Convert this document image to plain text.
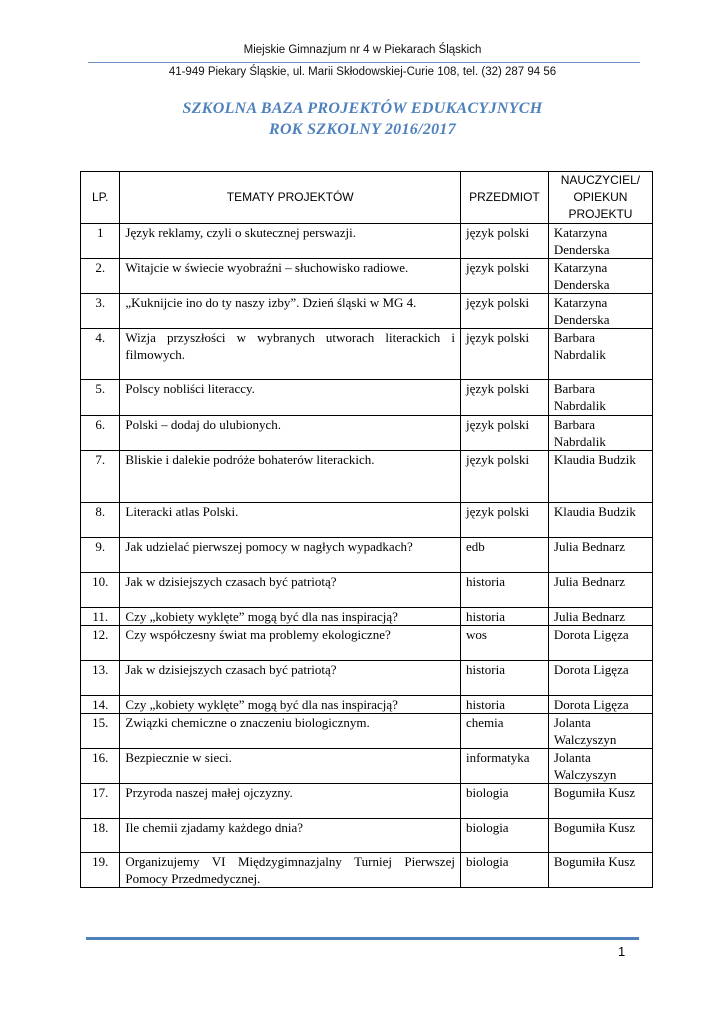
Miejskie Gimnazjum nr 4 w Piekarach Śląskich
41-949 Piekary Śląskie, ul. Marii Skłodowskiej-Curie 108, tel. (32) 287 94 56
SZKOLNA BAZA PROJEKTÓW EDUKACYJNYCH
ROK SZKOLNY 2016/2017
LP.	TEMATY PROJEKTÓW	PRZEDMIOT	NAUCZYCIEL/ OPIEKUN PROJEKTU
1	Język reklamy, czyli o skutecznej perswazji.	język polski	Katarzyna Denderska
2.	Witajcie w świecie wyobraźni – słuchowisko radiowe.	język polski	Katarzyna Denderska
3.	„Kuknijcie ino do ty naszy izby”. Dzień śląski w MG 4.	język polski	Katarzyna Denderska
4.	Wizja przyszłości w wybranych utworach literackich i filmowych.	język polski	Barbara Nabrdalik
5.	Polscy nobliści literaccy.	język polski	Barbara Nabrdalik
6.	Polski – dodaj do ulubionych.	język polski	Barbara Nabrdalik
7.	Bliskie i dalekie podróże bohaterów literackich.	język polski	Klaudia Budzik
8.	Literacki atlas Polski.	język polski	Klaudia Budzik
9.	Jak udzielać pierwszej pomocy w nagłych wypadkach?	edb	Julia Bednarz
10.	Jak w dzisiejszych czasach być patriotą?	historia	Julia Bednarz
11.	Czy „kobiety wyklęte” mogą być dla nas inspiracją?	historia	Julia Bednarz
12.	Czy współczesny świat ma problemy ekologiczne?	wos	Dorota Ligęza
13.	Jak w dzisiejszych czasach być patriotą?	historia	Dorota Ligęza
14.	Czy „kobiety wyklęte” mogą być dla nas inspiracją?	historia	Dorota Ligęza
15.	Związki chemiczne o znaczeniu biologicznym.	chemia	Jolanta Walczyszyn
16.	Bezpiecznie w sieci.	informatyka	Jolanta Walczyszyn
17.	Przyroda naszej małej ojczyzny.	biologia	Bogumiła Kusz
18.	Ile chemii zjadamy każdego dnia?	biologia	Bogumiła Kusz
19.	Organizujemy VI Międzygimnazjalny Turniej Pierwszej Pomocy Przedmedycznej.	biologia	Bogumiła Kusz
1
